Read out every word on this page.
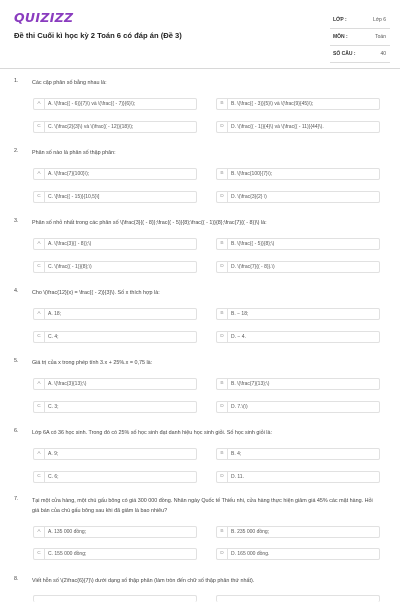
QUIZIZZ
Đề thi Cuối kì học kỳ 2 Toán 6 có đáp án (Đề 3)
LỚP :	Lớp 6
MÔN :	Toán
SỐ CÂU :	40
1.	Các cặp phân số bằng nhau là:
A	A. \(\frac{( - 6)}{7}\) và \(\frac{( - 7)}{6}\);	B	B. \(\frac{( - 3)}{5}\) và \(\frac{9}{45}\);
C	C. \(\frac{2}{3}\) và \(\frac{( - 12)}{18}\);	D	D. \(\frac{( - 1)}{4}\) và \(\frac{( - 11)}{44}\).
2.	Phân số nào là phân số thập phân:
A	A. \(\frac{7}{100}\);	B	B. \(\frac{100}{7}\);
C	C. \[\frac{( - 15)}{10,5}\]	D	D. \(\frac{3}{2} \)
3.	Phân số nhỏ nhất trong các phân số \(\frac{3}{( - 8)};\frac{( - 5)}{8};\frac{( - 1)}{8};\frac{7}{( - 8)}\) là:
A	A. \(\frac{3}{( - 8)};\)	B	B. \(\frac{( - 5)}{8};\)
C	C. \(\frac{( - 1)}{8};\)	D	D. \(\frac{7}{( - 8)}.\)
4.	Cho \(\frac{12}{x} = \frac{( - 2)}{3}\). Số x thích hợp là:
A	A. 18;	B	B. − 18;
C	C. 4;	D	D. − 4.
5.	Giá trị của x trong phép tính 3.x + 25%.x = 0,75 là:
A	A. \(\frac{3}{13};\)	B	B. \(\frac{7}{13};\)
C	C. 3;	D	D. 7.\(\)
6.	Lớp 6A có 36 học sinh. Trong đó có 25% số học sinh đạt danh hiệu học sinh giỏi. Số học sinh giỏi là:
A	A. 9;	B	B. 4;
C	C. 6;	D	D. 11.
7.	Tại một cửa hàng, một chú gấu bông có giá 300 000 đồng. Nhân ngày Quốc tế Thiếu nhi, cửa hàng thực hiện giảm giá 45% các mặt hàng. Hỏi giá bán của chú gấu bông sau khi đã giảm là bao nhiêu?
A	A. 135 000 đồng;	B	B. 235 000 đồng;
C	C. 155 000 đồng;	D	D. 165 000 đồng.
8.	Viết hỗn số \(2\frac{6}{7}\) dưới dạng số thập phân (làm tròn đến chữ số thập phân thứ nhất).
